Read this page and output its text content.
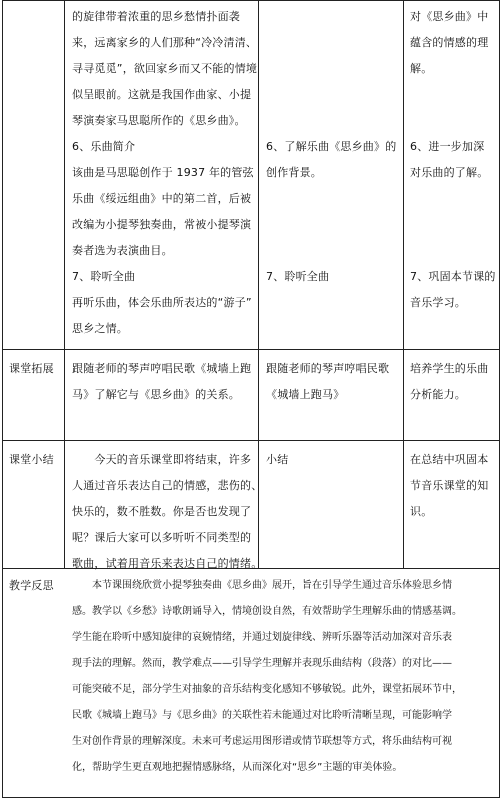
的旋律带着浓重的思乡愁情扑面袭
来，远离家乡的人们那种“冷冷清清、
寻寻觅觅”，欲回家乡而又不能的情境
似呈眼前。这就是我国作曲家、小提
琴演奏家马思聪所作的《思乡曲》。
6、乐曲简介
该曲是马思聪创作于 1937 年的管弦
乐曲《绥远组曲》中的第二首，后被
改编为小提琴独奏曲，常被小提琴演
奏者选为表演曲目。
7、聆听全曲
再听乐曲，体会乐曲所表达的“游子”
思乡之情。
对《思乡曲》中
蕴含的情感的理
解。
6、了解乐曲《思乡曲》的
创作背景。
6、进一步加深
对乐曲的了解。
7、聆听全曲	7、巩固本节课的
音乐学习。
课堂拓展 跟随老师的琴声哼唱民歌《城墙上跑
马》了解它与《思乡曲》的关系。
跟随老师的琴声哼唱民歌
《城墙上跑马》
培养学生的乐曲
分析能力。
课堂小结 　　今天的音乐课堂即将结束，许多
人通过音乐表达自己的情感，悲伤的、
快乐的，数不胜数。你是否也发现了
呢？课后大家可以多听听不同类型的
歌曲，试着用音乐来表达自己的情绪。
小结	在总结中巩固本
节音乐课堂的知
识。
教学反思 　　本节课围绕欣赏小提琴独奏曲《思乡曲》展开，旨在引导学生通过音乐体验思乡情
感。教学以《乡愁》诗歌朗诵导入，情境创设自然，有效帮助学生理解乐曲的情感基调。
学生能在聆听中感知旋律的哀婉情绪，并通过划旋律线、辨听乐器等活动加深对音乐表
现手法的理解。然而，教学难点——引导学生理解并表现乐曲结构（段落）的对比——
可能突破不足，部分学生对抽象的音乐结构变化感知不够敏锐。此外，课堂拓展环节中，
民歌《城墙上跑马》与《思乡曲》的关联性若未能通过对比聆听清晰呈现，可能影响学
生对创作背景的理解深度。未来可考虑运用图形谱或情节联想等方式，将乐曲结构可视
化，帮助学生更直观地把握情感脉络，从而深化对“思乡”主题的审美体验。
